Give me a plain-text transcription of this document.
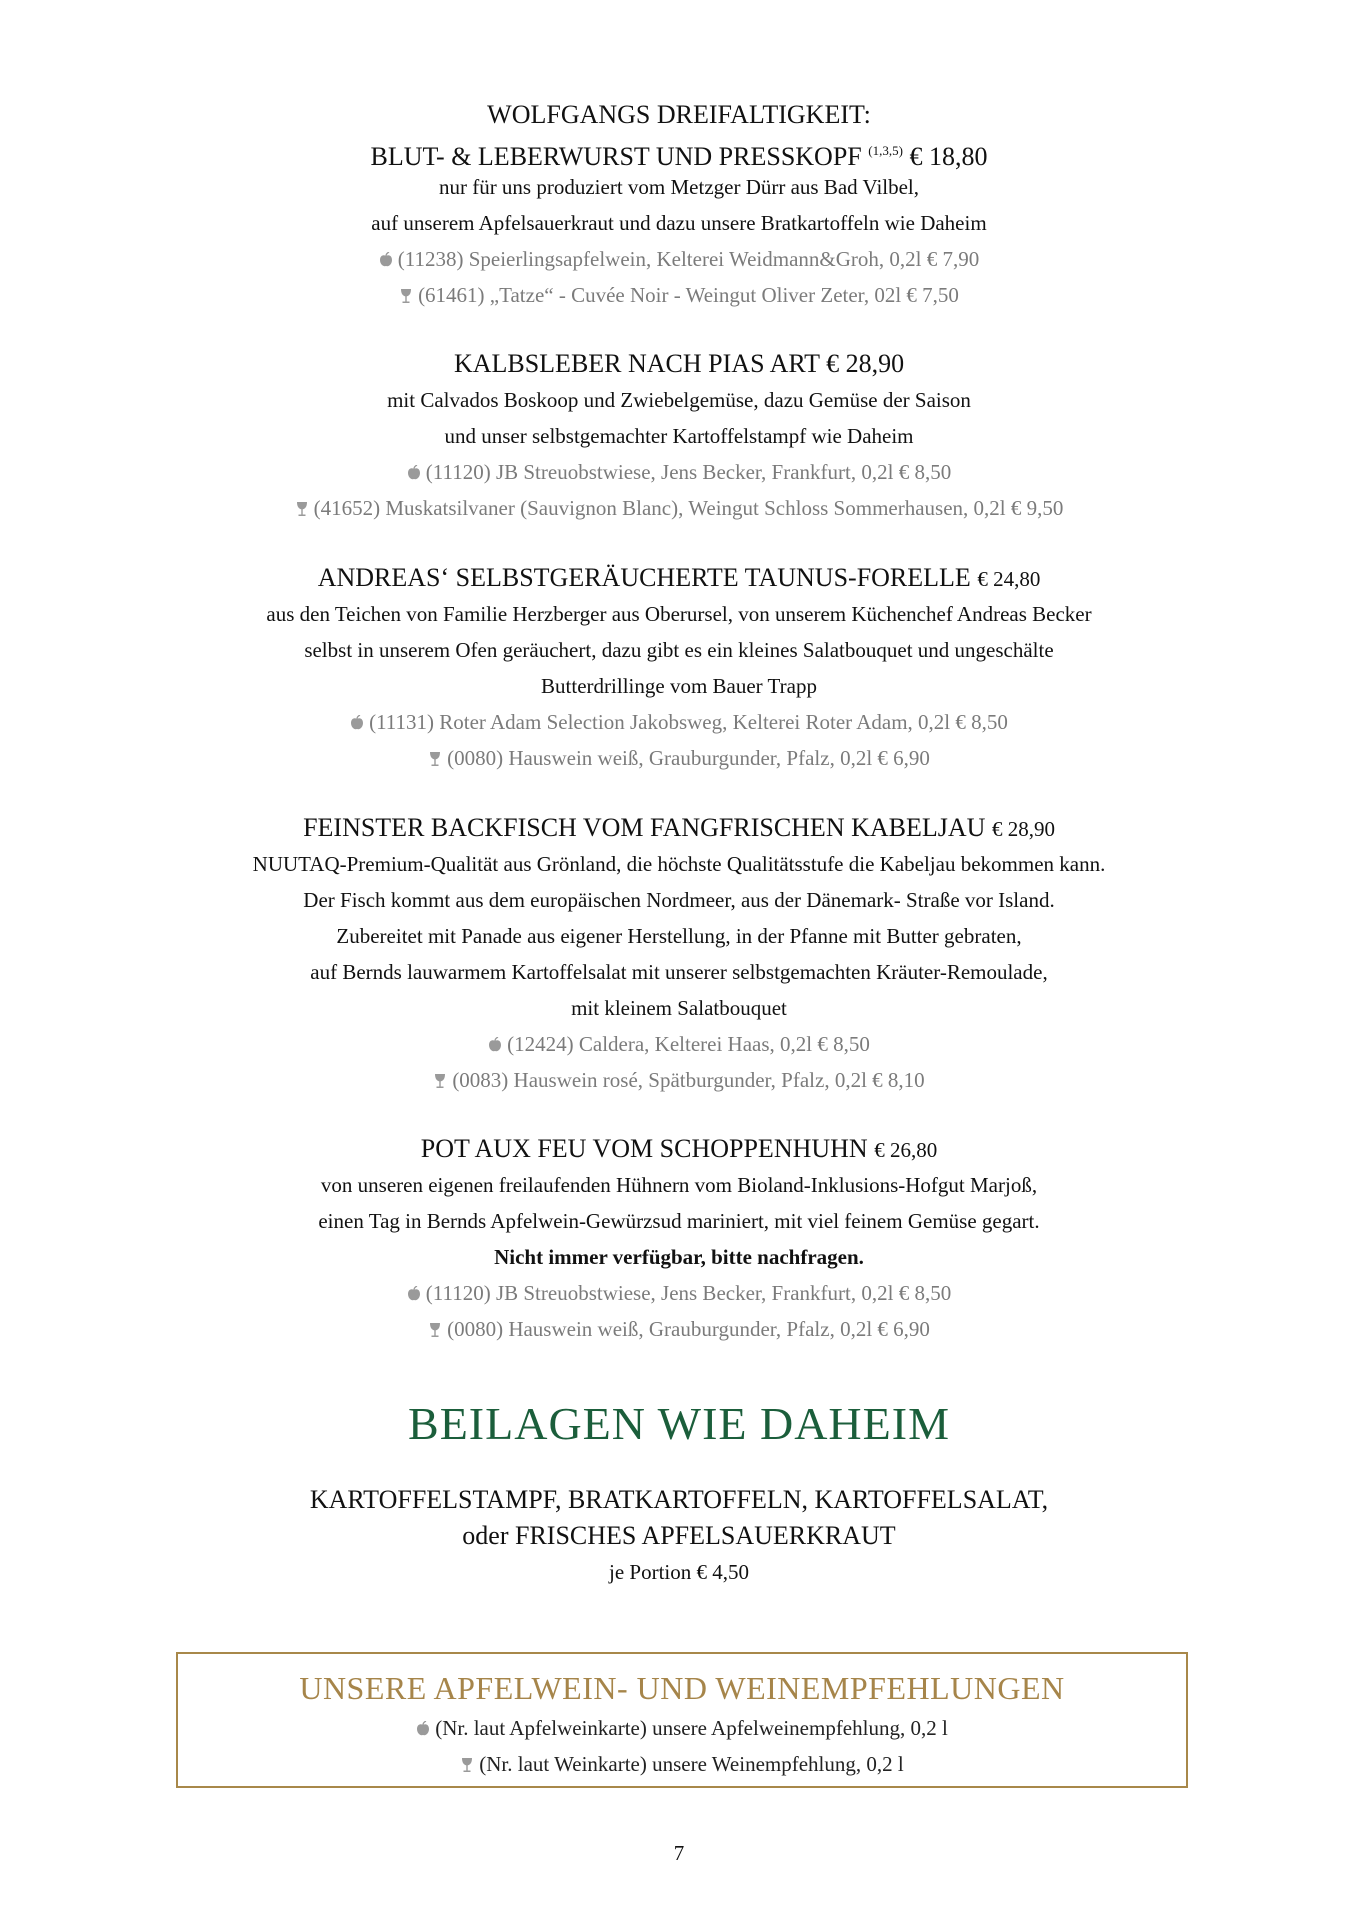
WOLFGANGS DREIFALTIGKEIT:
BLUT- & LEBERWURST UND PRESSKOPF $^{(1,3,5)}$ € 18,80
nur für uns produziert vom Metzger Dürr aus Bad Vilbel,
auf unserem Apfelsauerkraut und dazu unsere Bratkartoffeln wie Daheim
(11238) Speierlingsapfelwein, Kelterei Weidmann&Groh, 0,2l € 7,90
(61461) „Tatze“ - Cuvée Noir - Weingut Oliver Zeter, 02l € 7,50
KALBSLEBER NACH PIAS ART € 28,90
mit Calvados Boskoop und Zwiebelgemüse, dazu Gemüse der Saison
und unser selbstgemachter Kartoffelstampf wie Daheim
(11120) JB Streuobstwiese, Jens Becker, Frankfurt, 0,2l € 8,50
(41652) Muskatsilvaner (Sauvignon Blanc), Weingut Schloss Sommerhausen, 0,2l € 9,50
ANDREAS‘ SELBSTGERÄUCHERTE TAUNUS-FORELLE € 24,80
aus den Teichen von Familie Herzberger aus Oberursel, von unserem Küchenchef Andreas Becker
selbst in unserem Ofen geräuchert, dazu gibt es ein kleines Salatbouquet und ungeschälte
Butterdrillinge vom Bauer Trapp
(11131) Roter Adam Selection Jakobsweg, Kelterei Roter Adam, 0,2l € 8,50
(0080) Hauswein weiß, Grauburgunder, Pfalz, 0,2l € 6,90
FEINSTER BACKFISCH VOM FANGFRISCHEN KABELJAU € 28,90
NUUTAQ-Premium-Qualität aus Grönland, die höchste Qualitätsstufe die Kabeljau bekommen kann.
Der Fisch kommt aus dem europäischen Nordmeer, aus der Dänemark- Straße vor Island.
Zubereitet mit Panade aus eigener Herstellung, in der Pfanne mit Butter gebraten,
auf Bernds lauwarmem Kartoffelsalat mit unserer selbstgemachten Kräuter-Remoulade,
mit kleinem Salatbouquet
(12424) Caldera, Kelterei Haas, 0,2l € 8,50
(0083) Hauswein rosé, Spätburgunder, Pfalz, 0,2l € 8,10
POT AUX FEU VOM SCHOPPENHUHN € 26,80
von unseren eigenen freilaufenden Hühnern vom Bioland-Inklusions-Hofgut Marjoß,
einen Tag in Bernds Apfelwein-Gewürzsud mariniert, mit viel feinem Gemüse gegart.
Nicht immer verfügbar, bitte nachfragen.
(11120) JB Streuobstwiese, Jens Becker, Frankfurt, 0,2l € 8,50
(0080) Hauswein weiß, Grauburgunder, Pfalz, 0,2l € 6,90
BEILAGEN WIE DAHEIM
KARTOFFELSTAMPF, BRATKARTOFFELN, KARTOFFELSALAT,
oder FRISCHES APFELSAUERKRAUT
je Portion € 4,50
UNSERE APFELWEIN- UND WEINEMPFEHLUNGEN
(Nr. laut Apfelweinkarte) unsere Apfelweinempfehlung, 0,2 l
(Nr. laut Weinkarte) unsere Weinempfehlung, 0,2 l
7
